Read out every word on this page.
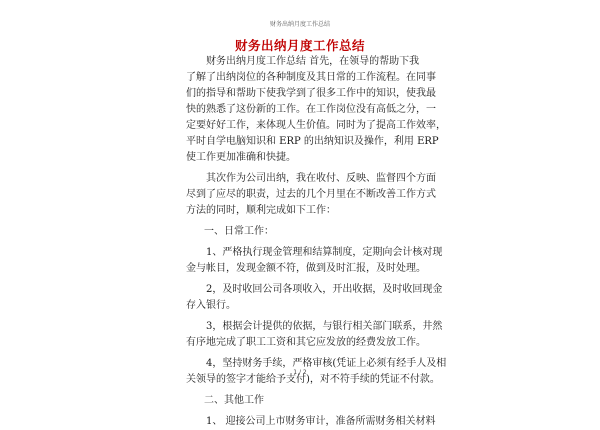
财务出纳月度工作总结
财务出纳月度工作总结
财务出纳月度工作总结 首先，在领导的帮助下我
了解了出纳岗位的各种制度及其日常的工作流程。在同事
们的指导和帮助下使我学到了很多工作中的知识，使我最
快的熟悉了这份新的工作。在工作岗位没有高低之分，一
定要好好工作，来体现人生价值。同时为了提高工作效率，
平时自学电脑知识和 ERP 的出纳知识及操作，利用 ERP
使工作更加准确和快捷。
其次作为公司出纳，我在收付、反映、监督四个方面
尽到了应尽的职责，过去的几个月里在不断改善工作方式
方法的同时，顺利完成如下工作：
一、日常工作：
1、严格执行现金管理和结算制度，定期向会计核对现
金与帐目，发现金额不符，做到及时汇报，及时处理。
2，及时收回公司各项收入，开出收据，及时收回现金
存入银行。
3，根据会计提供的依据，与银行相关部门联系，井然
有序地完成了职工工资和其它应发放的经费发放工作。
4，坚持财务手续，严格审核(凭证上必须有经手人及相
关领导的签字才能给予支付)，对不符手续的凭证不付款。
二、其他工作
1、 迎接公司上市财务审计，准备所需财务相关材料
1 / 2
